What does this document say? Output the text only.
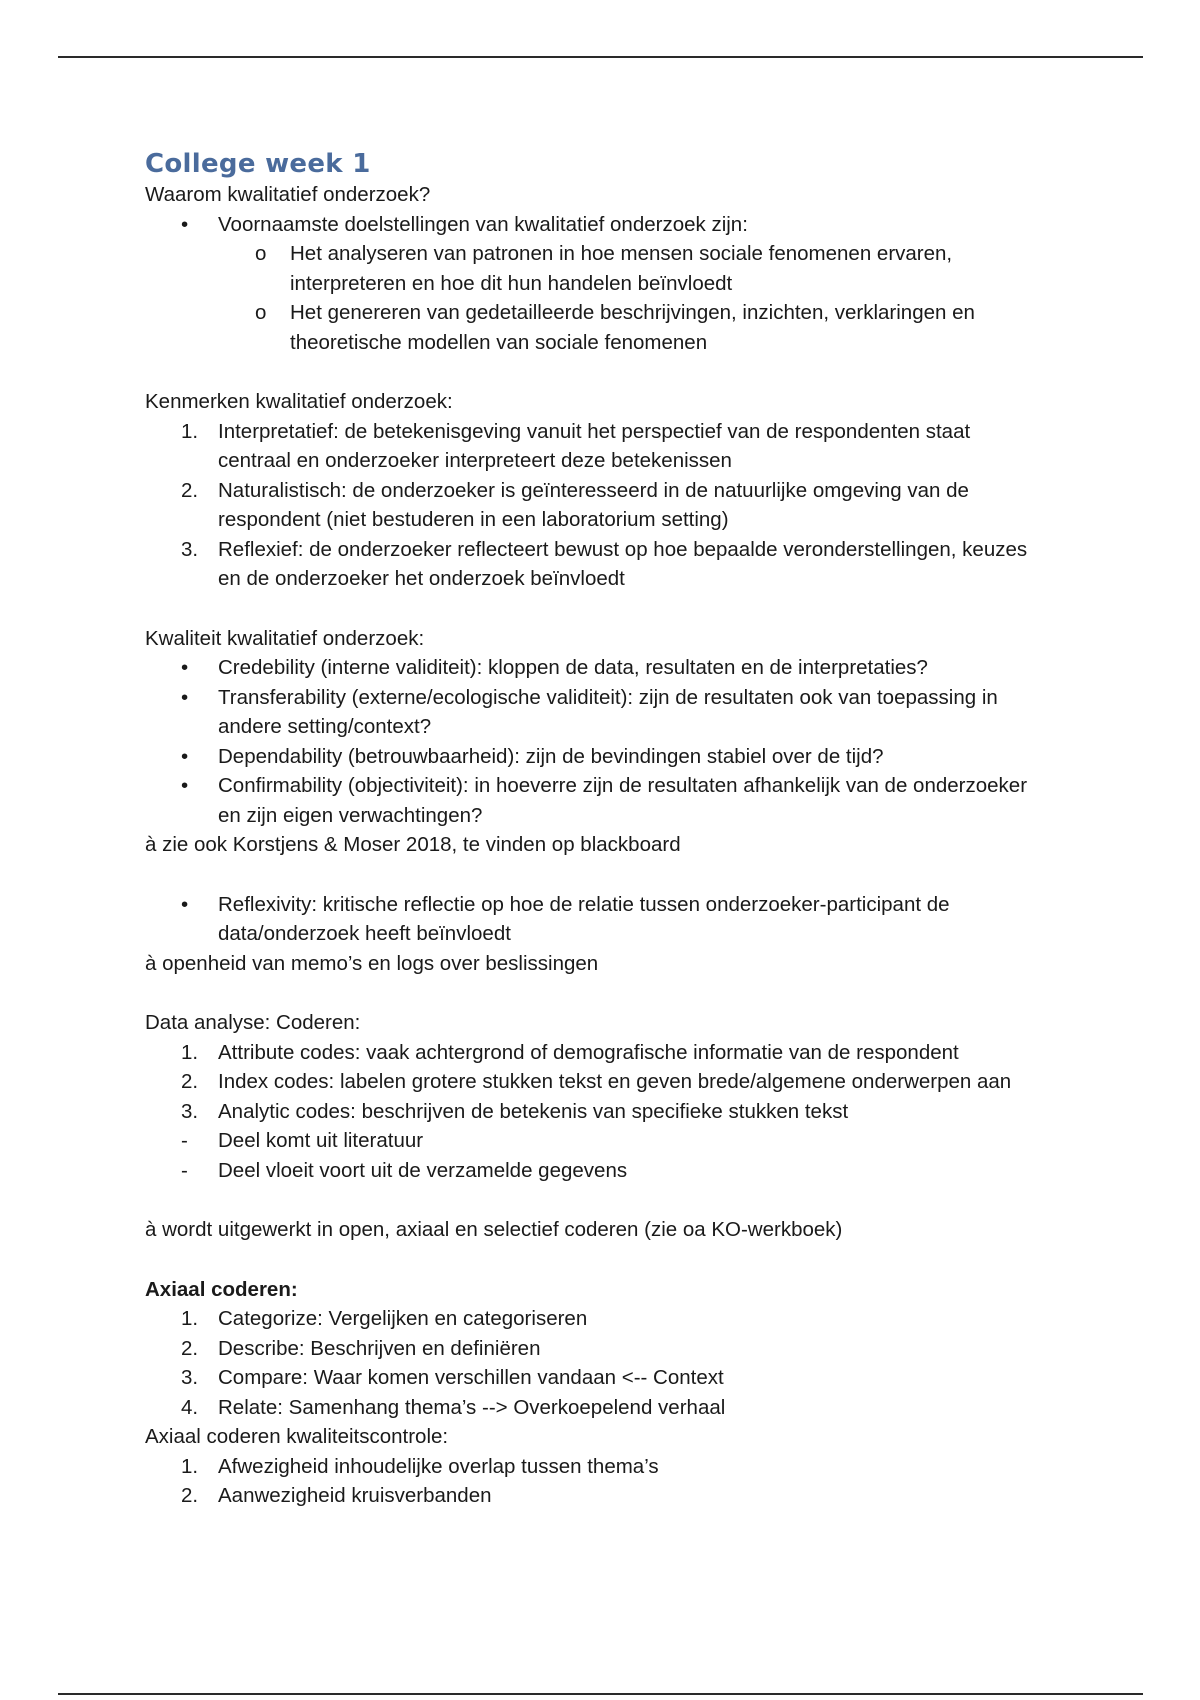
College week 1

Waarom kwalitatief onderzoek?

• Voornaamste doelstellingen van kwalitatief onderzoek zijn:
o Het analyseren van patronen in hoe mensen sociale fenomenen ervaren, interpreteren en hoe dit hun handelen beïnvloedt
o Het genereren van gedetailleerde beschrijvingen, inzichten, verklaringen en theoretische modellen van sociale fenomenen

Kenmerken kwalitatief onderzoek:

1. Interpretatief: de betekenisgeving vanuit het perspectief van de respondenten staat centraal en onderzoeker interpreteert deze betekenissen
2. Naturalistisch: de onderzoeker is geïnteresseerd in de natuurlijke omgeving van de respondent (niet bestuderen in een laboratorium setting)
3. Reflexief: de onderzoeker reflecteert bewust op hoe bepaalde veronderstellingen, keuzes en de onderzoeker het onderzoek beïnvloedt

Kwaliteit kwalitatief onderzoek:

• Credebility (interne validiteit): kloppen de data, resultaten en de interpretaties?
• Transferability (externe/ecologische validiteit): zijn de resultaten ook van toepassing in andere setting/context?
• Dependability (betrouwbaarheid): zijn de bevindingen stabiel over de tijd?
• Confirmability (objectiviteit): in hoeverre zijn de resultaten afhankelijk van de onderzoeker en zijn eigen verwachtingen?

à zie ook Korstjens & Moser 2018, te vinden op blackboard

• Reflexivity: kritische reflectie op hoe de relatie tussen onderzoeker-participant de data/onderzoek heeft beïnvloedt

à openheid van memo’s en logs over beslissingen

Data analyse: Coderen:

1. Attribute codes: vaak achtergrond of demografische informatie van de respondent
2. Index codes: labelen grotere stukken tekst en geven brede/algemene onderwerpen aan
3. Analytic codes: beschrijven de betekenis van specifieke stukken tekst
- Deel komt uit literatuur
- Deel vloeit voort uit de verzamelde gegevens

à wordt uitgewerkt in open, axiaal en selectief coderen (zie oa KO-werkboek)

Axiaal coderen:

1. Categorize: Vergelijken en categoriseren
2. Describe: Beschrijven en definiëren
3. Compare: Waar komen verschillen vandaan <-- Context
4. Relate: Samenhang thema’s --> Overkoepelend verhaal

Axiaal coderen kwaliteitscontrole:

1. Afwezigheid inhoudelijke overlap tussen thema’s
2. Aanwezigheid kruisverbanden
